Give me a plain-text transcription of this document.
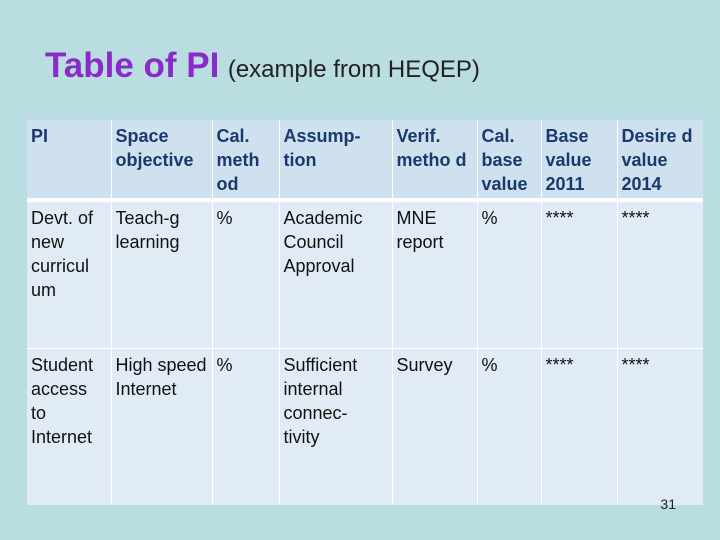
Table of PI (example from HEQEP)
PI	Space objective	Cal. meth od	Assump- tion	Verif. metho d	Cal. base value	Base value 2011	Desire d value 2014
Devt. of new curricul um	Teach-g learning	%	Academic Council Approval	MNE report	%	****	****
Student access to Internet	High speed Internet	%	Sufficient internal connec- tivity	Survey	%	****	****
31
